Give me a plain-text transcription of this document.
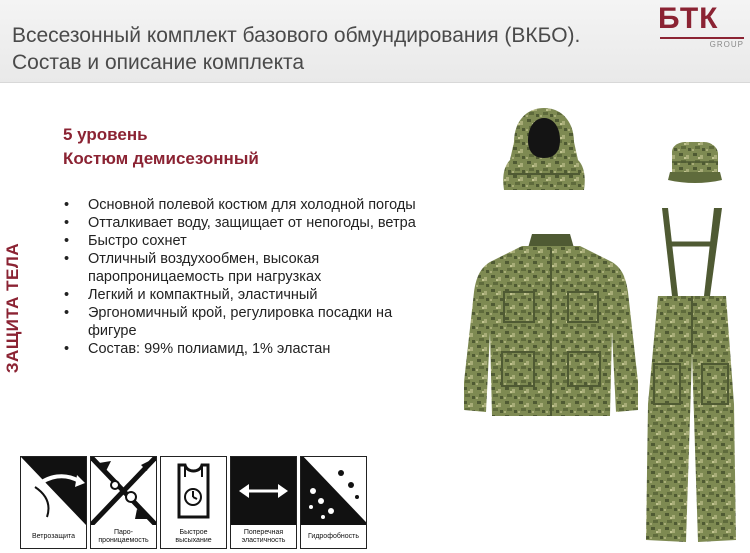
Всесезонный комплект базового обмундирования (ВКБО). Состав и описание комплекта
БТК
GROUP
ЗАЩИТА ТЕЛА
5 уровень
Костюм демисезонный
• Основной полевой костюм для холодной погоды
• Отталкивает воду, защищает от непогоды, ветра
• Быстро сохнет
• Отличный воздухообмен, высокая паропроницаемость при нагрузках
• Легкий и компактный, эластичный
• Эргономичный крой, регулировка посадки на фигуре
• Состав: 99% полиамид, 1% эластан
Ветрозащита
Паро-проницаемость
Быстрое высыхание
Поперечная эластичность
Гидрофобность
